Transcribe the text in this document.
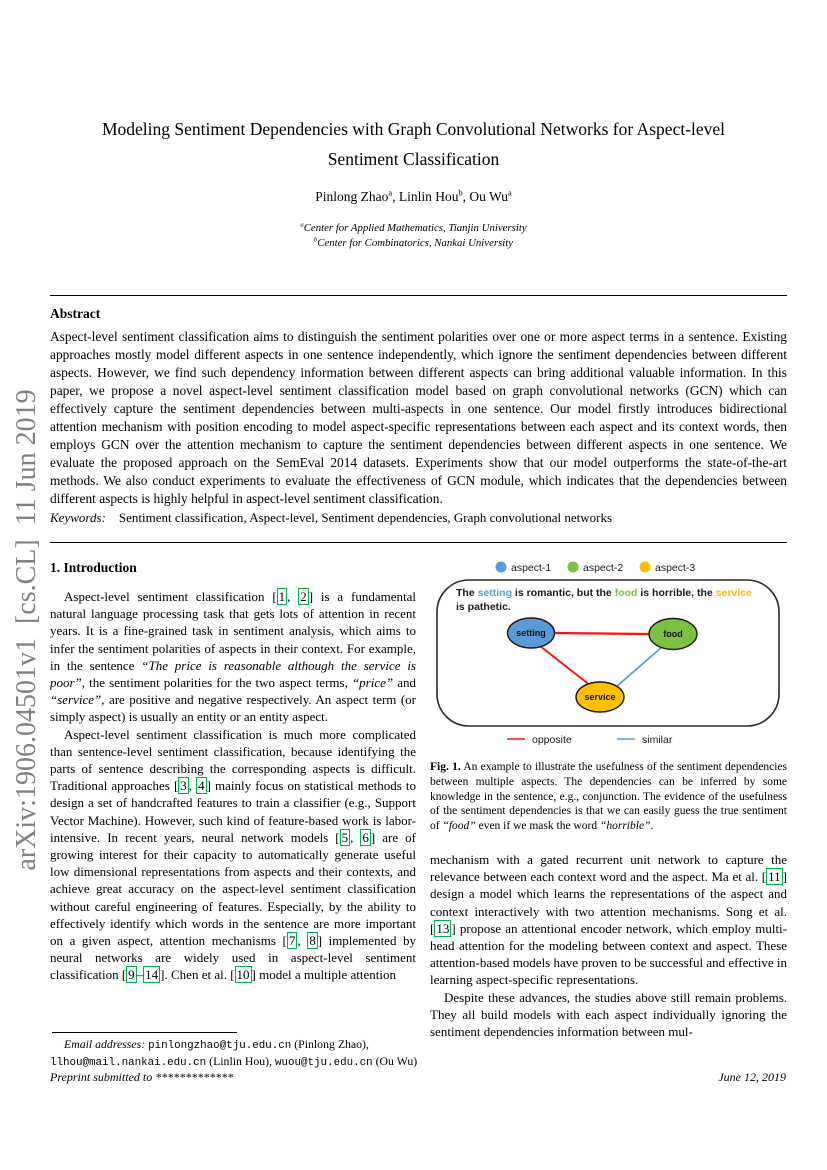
arXiv:1906.04501v1  [cs.CL]  11 Jun 2019
Modeling Sentiment Dependencies with Graph Convolutional Networks for Aspect-level Sentiment Classification
Pinlong Zhao$^a$, Linlin Hou$^b$, Ou Wu$^a$
$^a$Center for Applied Mathematics, Tianjin University
$^b$Center for Combinatorics, Nankai University
Abstract
Aspect-level sentiment classification aims to distinguish the sentiment polarities over one or more aspect terms in a sentence. Existing approaches mostly model different aspects in one sentence independently, which ignore the sentiment dependencies between different aspects. However, we find such dependency information between different aspects can bring additional valuable information. In this paper, we propose a novel aspect-level sentiment classification model based on graph convolutional networks (GCN) which can effectively capture the sentiment dependencies between multi-aspects in one sentence. Our model firstly introduces bidirectional attention mechanism with position encoding to model aspect-specific representations between each aspect and its context words, then employs GCN over the attention mechanism to capture the sentiment dependencies between different aspects in one sentence. We evaluate the proposed approach on the SemEval 2014 datasets. Experiments show that our model outperforms the state-of-the-art methods. We also conduct experiments to evaluate the effectiveness of GCN module, which indicates that the dependencies between different aspects is highly helpful in aspect-level sentiment classification.
Keywords: Sentiment classification, Aspect-level, Sentiment dependencies, Graph convolutional networks
1. Introduction

Aspect-level sentiment classification [ 1 , 2 ] is a fundamental natural language processing task that gets lots of attention in recent years. It is a fine-grained task in sentiment analysis, which aims to infer the sentiment polarities of aspects in their context. For example, in the sentence “The price is reasonable although the service is poor”, the sentiment polarities for the two aspect terms, “price” and “service”, are positive and negative respectively. An aspect term (or simply aspect) is usually an entity or an entity aspect.

Aspect-level sentiment classification is much more complicated than sentence-level sentiment classification, because identifying the parts of sentence describing the corresponding aspects is difficult. Traditional approaches [ 3 , 4 ] mainly focus on statistical methods to design a set of handcrafted features to train a classifier (e.g., Support Vector Machine). However, such kind of feature-based work is labor-intensive. In recent years, neural network models [ 5 , 6 ] are of growing interest for their capacity to automatically generate useful low dimensional representations from aspects and their contexts, and achieve great accuracy on the aspect-level sentiment classification without careful engineering of features. Especially, by the ability to effectively identify which words in the sentence are more important on a given aspect, attention mechanisms [ 7 , 8 ] implemented by neural networks are widely used in aspect-level sentiment classification [ 9 – 14 ]. Chen et al. [ 10 ] model a multiple attention

aspect-1	aspect-2	aspect-3
setting	food
service
opposite	similar
The setting is romantic, but the food is horrible, the service is pathetic.

Fig. 1. An example to illustrate the usefulness of the sentiment dependencies between multiple aspects. The dependencies can be inferred by some knowledge in the sentence, e.g., conjunction. The evidence of the usefulness of the sentiment dependencies is that we can easily guess the true sentiment of “food” even if we mask the word “horrible”.

mechanism with a gated recurrent unit network to capture the relevance between each context word and the aspect. Ma et al. [ 11 ] design a model which learns the representations of the aspect and context interactively with two attention mechanisms. Song et al. [ 13 ] propose an attentional encoder network, which employ multi-head attention for the modeling between context and aspect. These attention-based models have proven to be successful and effective in learning aspect-specific representations.

Despite these advances, the studies above still remain problems. They all build models with each aspect individually ignoring the sentiment dependencies information between mul-

Email addresses: pinlongzhao@tju.edu.cn (Pinlong Zhao), llhou@mail.nankai.edu.cn (Linlin Hou), wuou@tju.edu.cn (Ou Wu)
Preprint submitted to *************	June 12, 2019
